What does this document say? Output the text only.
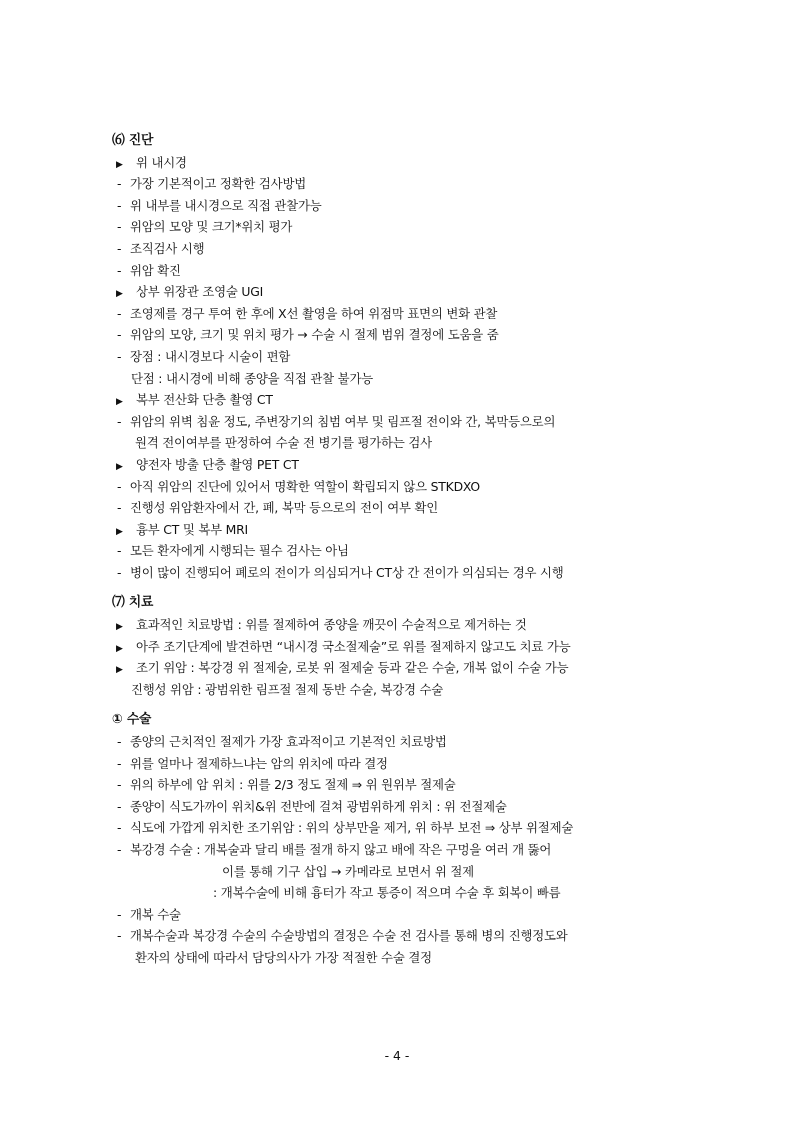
⑹ 진단
▶ 위 내시경
- 가장 기본적이고 정확한 검사방법
- 위 내부를 내시경으로 직접 관찰가능
- 위암의 모양 및 크기*위치 평가
- 조직검사 시행
- 위암 확진
▶ 상부 위장관 조영술 UGI
- 조영제를 경구 투여 한 후에 X선 촬영을 하여 위점막 표면의 변화 관찰
- 위암의 모양, 크기 및 위치 평가 → 수술 시 절제 범위 결정에 도움을 줌
- 장점 : 내시경보다 시술이 편함
단점 : 내시경에 비해 종양을 직접 관찰 불가능
▶ 복부 전산화 단층 촬영 CT
- 위암의 위벽 침윤 정도, 주변장기의 침범 여부 및 림프절 전이와 간, 복막등으로의
원격 전이여부를 판정하여 수술 전 병기를 평가하는 검사
▶ 양전자 방출 단층 촬영 PET CT
- 아직 위암의 진단에 있어서 명확한 역할이 확립되지 않으 STKDXO
- 진행성 위암환자에서 간, 폐, 복막 등으로의 전이 여부 확인
▶ 흉부 CT 및 복부 MRI
- 모든 환자에게 시행되는 필수 검사는 아님
- 병이 많이 진행되어 폐로의 전이가 의심되거나 CT상 간 전이가 의심되는 경우 시행
⑺ 치료
▶ 효과적인 치료방법 : 위를 절제하여 종양을 깨끗이 수술적으로 제거하는 것
▶ 아주 조기단계에 발견하면 “내시경 국소절제술”로 위를 절제하지 않고도 치료 가능
▶ 조기 위암 : 복강경 위 절제술, 로봇 위 절제술 등과 같은 수술, 개복 없이 수술 가능
진행성 위암 : 광범위한 림프절 절제 동반 수술, 복강경 수술
① 수술
- 종양의 근치적인 절제가 가장 효과적이고 기본적인 치료방법
- 위를 얼마나 절제하느냐는 암의 위치에 따라 결정
- 위의 하부에 암 위치 : 위를 2/3 정도 절제 ⇒ 위 원위부 절제술
- 종양이 식도가까이 위치&위 전반에 걸쳐 광범위하게 위치 : 위 전절제술
- 식도에 가깝게 위치한 조기위암 : 위의 상부만을 제거, 위 하부 보전 ⇒ 상부 위절제술
- 복강경 수술 : 개복술과 달리 배를 절개 하지 않고 배에 작은 구멍을 여러 개 뚫어
이를 통해 기구 삽입 → 카메라로 보면서 위 절제
: 개복수술에 비해 흉터가 작고 통증이 적으며 수술 후 회복이 빠름
- 개복 수술
- 개복수술과 복강경 수술의 수술방법의 결정은 수술 전 검사를 통해 병의 진행정도와
환자의 상태에 따라서 담당의사가 가장 적절한 수술 결정
- 4 -
